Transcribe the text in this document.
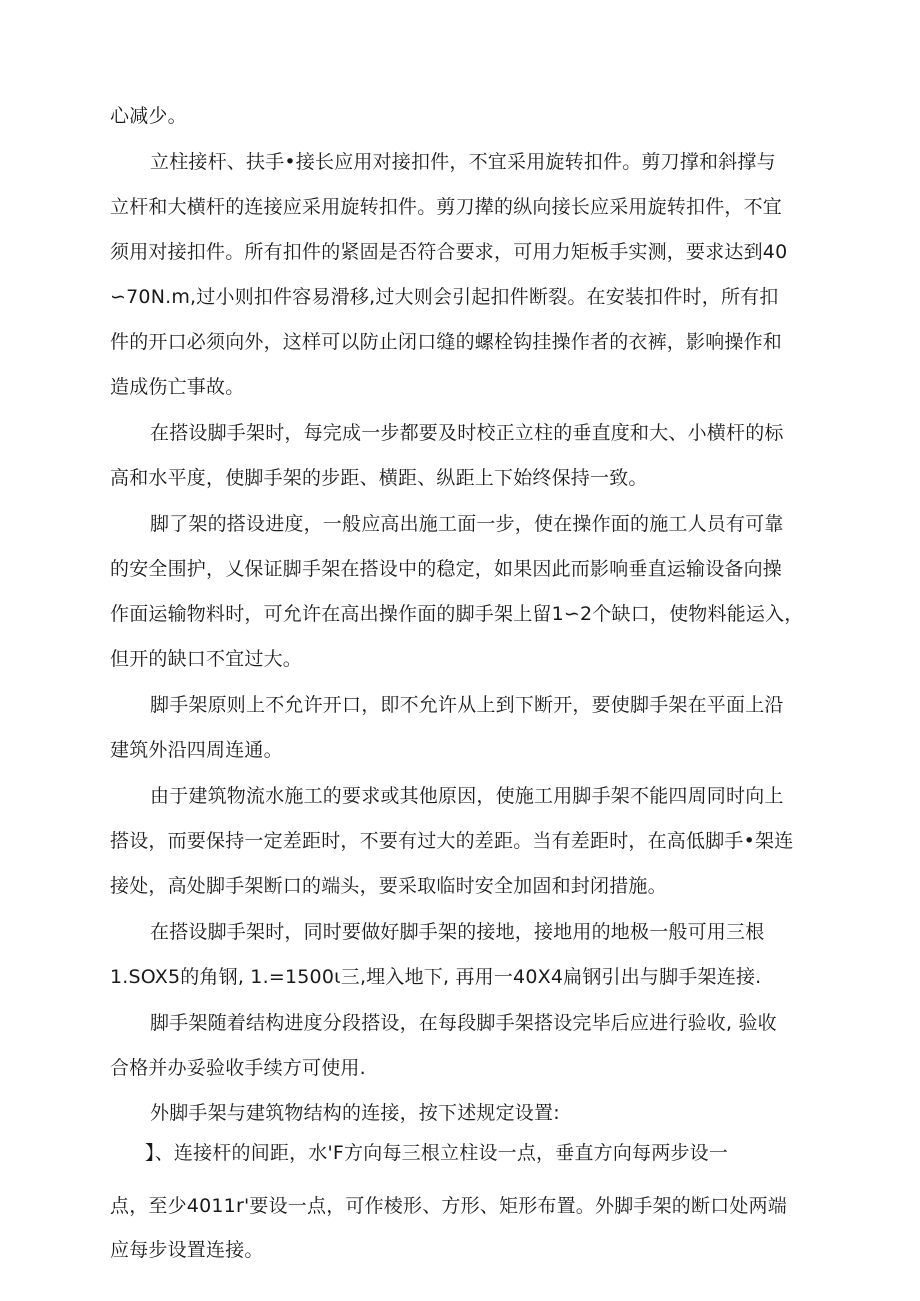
心减少。
立柱接杆、扶手•接长应用对接扣件，不宜采用旋转扣件。剪刀撑和斜撑与
立杆和大横杆的连接应采用旋转扣件。剪刀撵的纵向接长应采用旋转扣件，不宜
须用对接扣件。所有扣件的紧固是否符合要求，可用力矩板手实测，要求达到40
∽70N.m,过小则扣件容易滑移,过大则会引起扣件断裂。在安装扣件时，所有扣
件的开口必须向外，这样可以防止闭口缝的螺栓钩挂操作者的衣裤，影响操作和
造成伤亡事故。
在搭设脚手架时，每完成一步都要及时校正立柱的垂直度和大、小横杆的标
高和水平度，使脚手架的步距、横距、纵距上下始终保持一致。
脚了架的搭设进度，一般应高出施工面一步，使在操作面的施工人员有可靠
的安全围护，乂保证脚手架在搭设中的稳定，如果因此而影响垂直运输设备向操
作面运输物料时，可允许在高出操作面的脚手架上留1∽2个缺口，使物料能运入，
但开的缺口不宜过大。
脚手架原则上不允许开口，即不允许从上到下断开，要使脚手架在平面上沿
建筑外沿四周连通。
由于建筑物流水施工的要求或其他原因，使施工用脚手架不能四周同时向上
搭设，而要保持一定差距时，不要有过大的差距。当有差距时，在高低脚手•架连
接处，高处脚手架断口的端头，要采取临时安全加固和封闭措施。
在搭设脚手架时，同时要做好脚手架的接地，接地用的地极一般可用三根
1.SOX5的角钢, 1.=1500ι三,埋入地下, 再用一40X4扁钢引出与脚手架连接.
脚手架随着结构进度分段搭设，在每段脚手架搭设完毕后应进行验收, 验收
合格并办妥验收手续方可使用.
外脚手架与建筑物结构的连接，按下述规定设置:
】、连接杆的间距，水'F方向每三根立柱设一点，垂直方向每两步设一
点，至少4011r'要设一点，可作棱形、方形、矩形布置。外脚手架的断口处两端
应每步设置连接。
